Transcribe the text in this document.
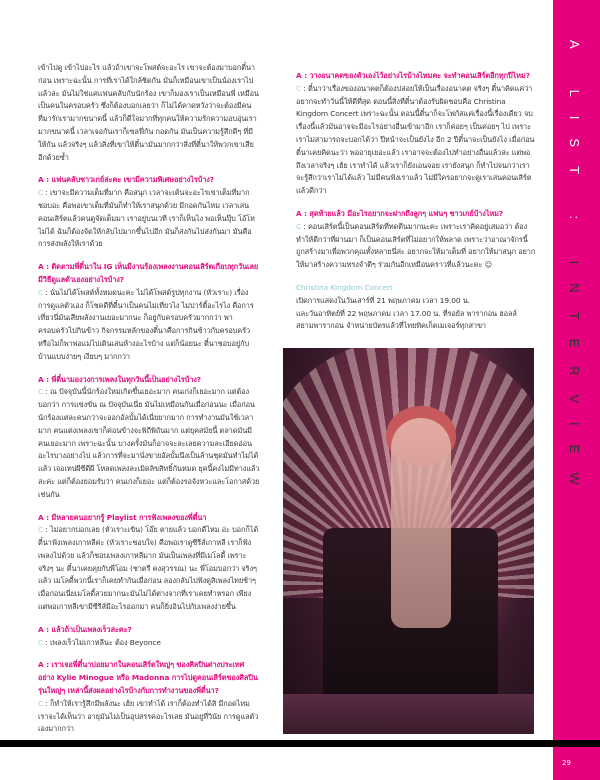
A LIST : INTERVIEW

เข้าไปดู เข้าไปอะไร แล้วถ้าเขาจะโพสต์จะอะไร เขาจะต้องมาบอกตี๋นาก่อน เพราะฉะนั้น การที่เราได้ใกล้ชิดกัน มันก็เหมือนเขาเป็นน้องเราไปแล้วล่ะ มันไม่ใช่แค่แฟนคลับกับนักร้อง เขาก็มองเราเป็นเหมือนพี่ เหมือนเป็นคนในครอบครัว ซึ่งก็ต้องบอกเลยว่า ก็ไม่ได้คาดหวังว่าจะต้องมีคนที่มารักเรามากขนาดนี้ แล้วก็ดีใจมากที่ทุกคนให้ความรักความอบอุ่นเรามากขนาดนี้ เวลาเจอกันเราก็เซลฟี่กัน กอดกัน มันเป็นความรู้สึกดีๆ ที่มีให้กัน แล้วจริงๆ แล้วสิ่งที่เขาให้ตี๋นามันมากกว่าสิ่งที่ตี๋นาให้พวกเขาเสียอีกด้วยซ้ำ

A : แฟนคลับชาวเกย์ล่ะคะ เขามีความพิเศษอย่างไรบ้าง?

C : เขาจะมีความเต็มที่มาก คือสนุก เวลาจะเต้นจะอะไรเขาเต็มที่มาก ชอบอะ คือพอเขาเต็มที่มันก็ทำให้เราสนุกด้วย มีกอดกันไหม เวลาเล่นคอนเสิร์ตแล้วคนดูจัดเต็มมา เราอยู่บนเวที เราก็เห็นไง พอเห็นปุ๊บ โอ้โห ไม่ได้ ฉันก็ต้องจัดให้กลับไปมากขึ้นไปอีก มันก็ส่งกันไปส่งกันมา มันคือการส่งพลังให้เราด้วย

A : ติดตามพี่ตี๋นาใน IG เห็นมีงานร้องเพลงงานคอนเสิร์ตเกือบทุกวันเลย มีวิธีดูแลตัวเองอย่างไรบ้าง?

C : นั่นไม่ได้โพสต์ทั้งหมดนะคะ ไม่ได้โพสต์รูปทุกงาน (หัวเราะ) เรื่องการดูแลตัวเอง ก็โชคดีที่ตี๋นาเป็นคนไม่เที่ยวไง ไม่ปาร์ตี้อะไรไง คือการเที่ยวนี่มันเสียพลังงานเยอะมากนะ ก็อยู่กับครอบครัวมากกว่า พาครอบครัวไปกินข้าว กิจกรรมหลักของตี๋นาคือการกินข้าวกับครอบครัว หรือไม่ก็พาพ่อแม่ไปเดินเล่นห้างอะไรบ้าง แต่ก็น้อยนะ ตี๋นาชอบอยู่กับบ้านแบบง่ายๆ เงียบๆ มากกว่า

A : พี่ตี๋นามองวงการเพลงในทุกวันนี้เป็นอย่างไรบ้าง?

C : ณ ปัจจุบันนี้นักร้องใหม่เกิดขึ้นเยอะมาก คนเก่งก็เยอะมาก แต่ต้องบอกว่า การแข่งขัน ณ ปัจจุบันเนี่ย มันไม่เหมือนกันเมื่อก่อนนะ เมื่อก่อนนักร้องแต่ละคนกว่าจะออกอัลบั้มได้เนี่ยยากมาก การทำงานมันใช้เวลามาก คนแต่งเพลงเขาก็ค่อนข้างจะพิถีพิถันมาก แต่ยุคสมัยนี้ ตลาดมันมีคนเยอะมาก เพราะฉะนั้น บางครั้งมันก็อาจจะละเลยความละเอียดอ่อนอะไรบางอย่างไป แล้วการที่จะมานั่งขายอัลบั้มนึงเป็นล้านชุดมันทำไม่ได้แล้ว เจอเทปผีซีดีผี โหลดเพลงละเมิดลิขสิทธิ์กันหมด ยุคนี้คงไม่มีทางแล้วล่ะค่ะ แต่ก็ต้องยอมรับว่า คนเก่งก็เยอะ แต่ก็ต้องรอจังหวะและโอกาสด้วยเช่นกัน

A : มีหลายคนอยากรู้ Playlist การฟังเพลงของพี่ตี๋นา

C : ไม่อยากบอกเลย (หัวเราะเขิน) โอ๊ย ตายแล้ว บอกดีไหม อ่ะ บอกก็ได้ ตี๋นาฟังเพลงเกาหลีค่ะ (หัวเราะชอบใจ) คือพอเราดูซีรีส์เกาหลี เราก็ฟังเพลงไปด้วย แล้วก็ชอบเพลงเกาหลีมาก มันเป็นเพลงที่มีเมโลดี้ เพราะจริงๆ นะ ตี๋นาเคยคุยกับพี่โอม (ชาตรี คงสุวรรณ) นะ พี่โอมบอกว่า จริงๆ แล้ว เมโลดี้พวกนี้เราก็เคยทำกันเมื่อก่อน ลองกลับไปฟังดูสิเพลงไทยช้าๆ เมื่อก่อนเนี่ยเมโลดี้สวยมากนะมันไม่ได้ต่างจากที่เราเคยทำหรอก เพียงแต่พอเกาหลีเขามีซีรีส์มีอะไรออกมา คนก็ยิ่งอินไปกับเพลงง่ายขึ้น

A : แล้วถ้าเป็นเพลงเร็วล่ะคะ?

C : เพลงเร็วไม่เกาหลีนะ ต้อง Beyonce

A : เราเจอพี่ตี๋นาบ่อยมากในคอนเสิร์ตใหญ่ๆ ของศิลปินต่างประเทศ อย่าง Kylie Minogue หรือ Madonna การไปดูคอนเสิร์ตของศิลปินรุ่นใหญ่ๆ เหล่านี้ส่งผลอย่างไรบ้างกับการทำงานของพี่ตี๋นา?

C : ก็ทำให้เรารู้สึกมีพลังนะ เฮ้ย เขาทำได้ เราก็ต้องทำได้สิ มีกอดไหม เราจะได้เห็นว่า อายุมันไม่เป็นอุปสรรคอะไรเลย มันอยู่ที่วินัย การดูแลตัวเองมากกว่า

A : วางอนาคตของตัวเองไว้อย่างไรบ้างไหมคะ จะทำคอนเสิร์ตอีกทุกปีไหม?

C : ตี๋นาว่าเรื่องของอนาคตก็ต้องปล่อยให้เป็นเรื่องอนาคต จริงๆ ตี๋นาคิดแค่ว่าอยากจะทำวันนี้ให้ดีที่สุด ตอนนี้สิ่งที่ตี๋นาต้องรับผิดชอบคือ Christina Kingdom Concert เพราะฉะนั้น ตอนนี้ตี๋นาก็จะโฟกัสแค่เรื่องนี้เรื่องเดียว จบเรื่องนี้แล้วมันอาจจะมีอะไรอย่างอื่นเข้ามาอีก เราก็ค่อยๆ เป็นค่อยๆ ไป เพราะเราไม่สามารถจะบอกได้ว่า ปีหน้าจะเป็นยังไง อีก 2 ปีตี๋นาจะเป็นยังไง เมื่อก่อนตี๋นาเคยคิดนะว่า พออายุเยอะแล้ว เราอาจจะต้องไปทำอย่างอื่นแล้วล่ะ แต่พอถึงเวลาจริงๆ เฮ้ย เราทำได้ แล้วเราก็ยังเอนจอย เรายังสนุก ก็ทำไปจนกว่าเราจะรู้สึกว่าเราไม่ได้แล้ว ไม่มีคนฟังเราแล้ว ไม่มีใครอยากจะดูเราเล่นคอนเสิร์ตแล้วดีกว่า

A : สุดท้ายแล้ว มีอะไรอยากจะฝากถึงลูกๆ แฟนๆ ชาวเกย์บ้างไหม?

C : คอนเสิร์ตนี้เป็นคอนเสิร์ตที่ทดตีนมากนะคะ เพราะเราคิดอยู่เสมอว่า ต้องทำให้ดีกว่าที่ผ่านมา ก็เป็นคอนเสิร์ตที่ไม่อยากให้พลาด เพราะว่าอาณาจักรนี้ถูกสร้างมาเพื่อพวกคุณทั้งหลายนี่ล่ะ อยากจะให้มาเต็มที่ อยากให้มาสนุก อยากให้มาสร้างความทรงจำดีๆ ร่วมกันอีกเหมือนคราวที่แล้วนะคะ ☺

Christina Kingdom Concert
เปิดการแสดงในวันเสาร์ที่ 21 พฤษภาคม เวลา 19.00 น.
และวันอาทิตย์ที่ 22 พฤษภาคม เวลา 17.00 น. ที่รอยัล พารากอน ฮอลล์
สยามพารากอน จำหน่ายบัตรแล้วที่ไทยทิคเก็ตเมเจอร์ทุกสาขา
29
